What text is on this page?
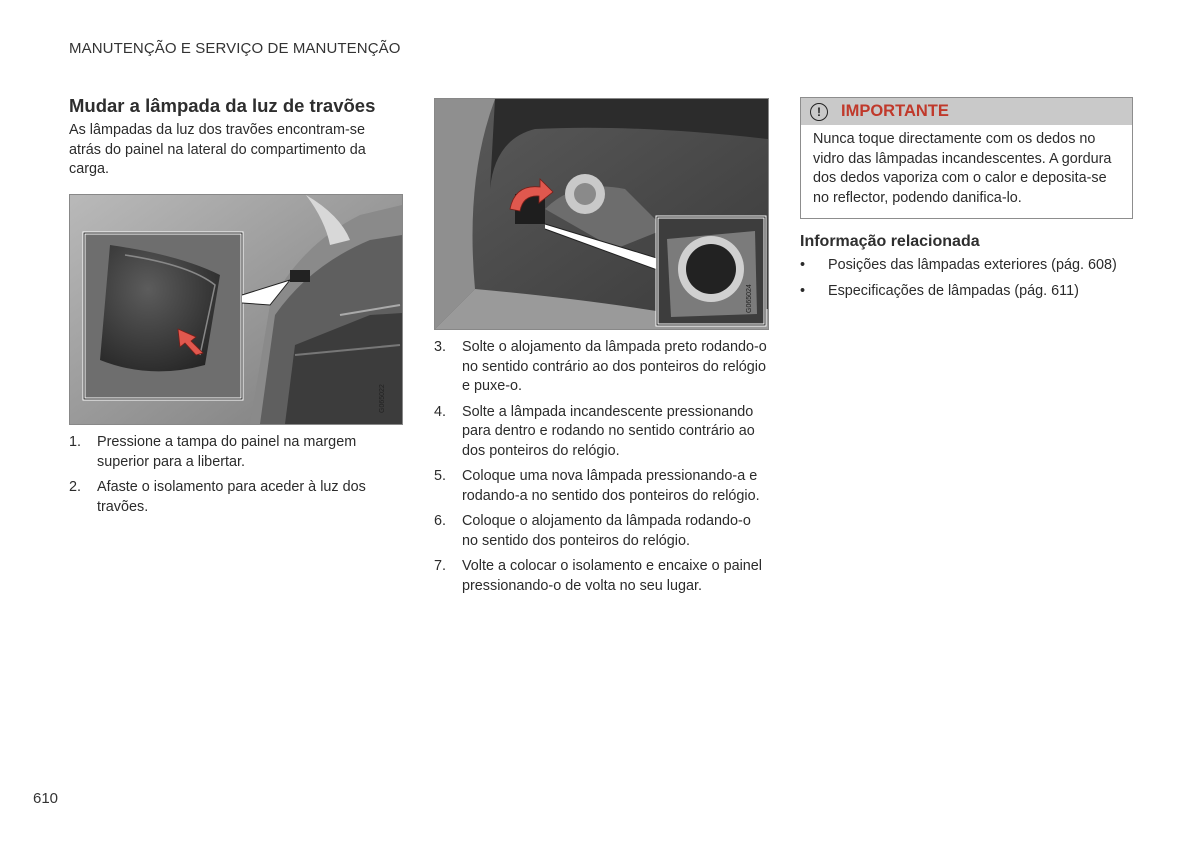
MANUTENÇÃO E SERVIÇO DE MANUTENÇÃO
Mudar a lâmpada da luz de travões
As lâmpadas da luz dos travões encontram-se atrás do painel na lateral do compartimento da carga.
G065022
1. Pressione a tampa do painel na margem superior para a libertar.
2. Afaste o isolamento para aceder à luz dos travões.
G065024
3. Solte o alojamento da lâmpada preto rodando-o no sentido contrário ao dos ponteiros do relógio e puxe-o.
4. Solte a lâmpada incandescente pressionando para dentro e rodando no sentido contrário ao dos ponteiros do relógio.
5. Coloque uma nova lâmpada pressionando-a e rodando-a no sentido dos ponteiros do relógio.
6. Coloque o alojamento da lâmpada rodando-o no sentido dos ponteiros do relógio.
7. Volte a colocar o isolamento e encaixe o painel pressionando-o de volta no seu lugar.
!	IMPORTANTE
Nunca toque directamente com os dedos no vidro das lâmpadas incandescentes. A gordura dos dedos vaporiza com o calor e deposita-se no reflector, podendo danifica-lo.
Informação relacionada
• Posições das lâmpadas exteriores (pág. 608)
• Especificações de lâmpadas (pág. 611)
610
